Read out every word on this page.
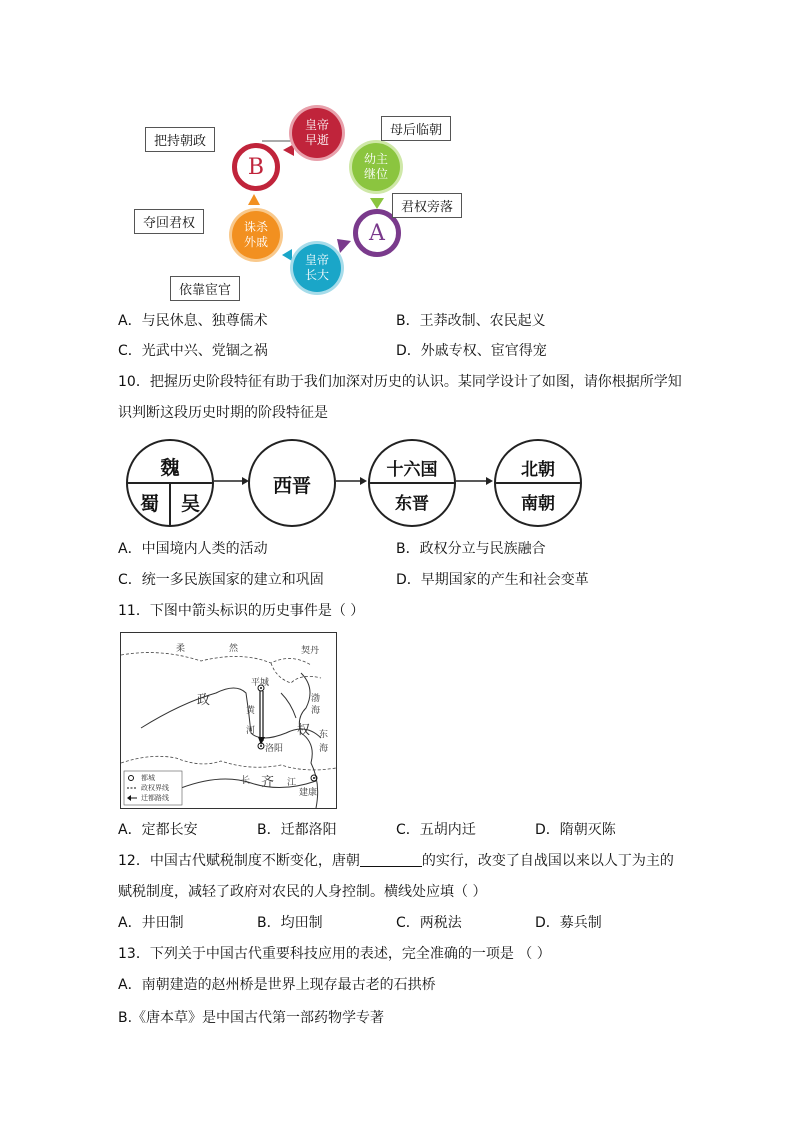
皇帝
早逝
幼主
继位
A
皇帝
长大
诛杀
外戚
B
把持朝政
母后临朝
君权旁落
夺回君权
依靠宦官
A．与民休息、独尊儒术	B．王莽改制、农民起义
C．光武中兴、党锢之祸	D．外戚专权、宦官得宠
10．把握历史阶段特征有助于我们加深对历史的认识。某同学设计了如图，请你根据所学知
识判断这段历史时期的阶段特征是
魏
蜀 吴
西晋
十六国
东晋
北朝
南朝
A．中国境内人类的活动	B．政权分立与民族融合
C．统一多民族国家的建立和巩固	D．早期国家的产生和社会变革
11．下图中箭头标识的历史事件是（ ）
柔	然	契丹
政
权
平城
洛阳
黄
河
渤
海
东
海
长	江
齐
建康
都城
政权界线
迁都路线
A．定都长安	B．迁都洛阳	C．五胡内迁	D．隋朝灭陈
12．中国古代赋税制度不断变化，唐朝	的实行，改变了自战国以来以人丁为主的
赋税制度，减轻了政府对农民的人身控制。横线处应填（ ）
A．井田制	B．均田制	C．两税法	D．募兵制
13．下列关于中国古代重要科技应用的表述，完全准确的一项是 （ ）
A．南朝建造的赵州桥是世界上现存最古老的石拱桥
B.《唐本草》是中国古代第一部药物学专著
